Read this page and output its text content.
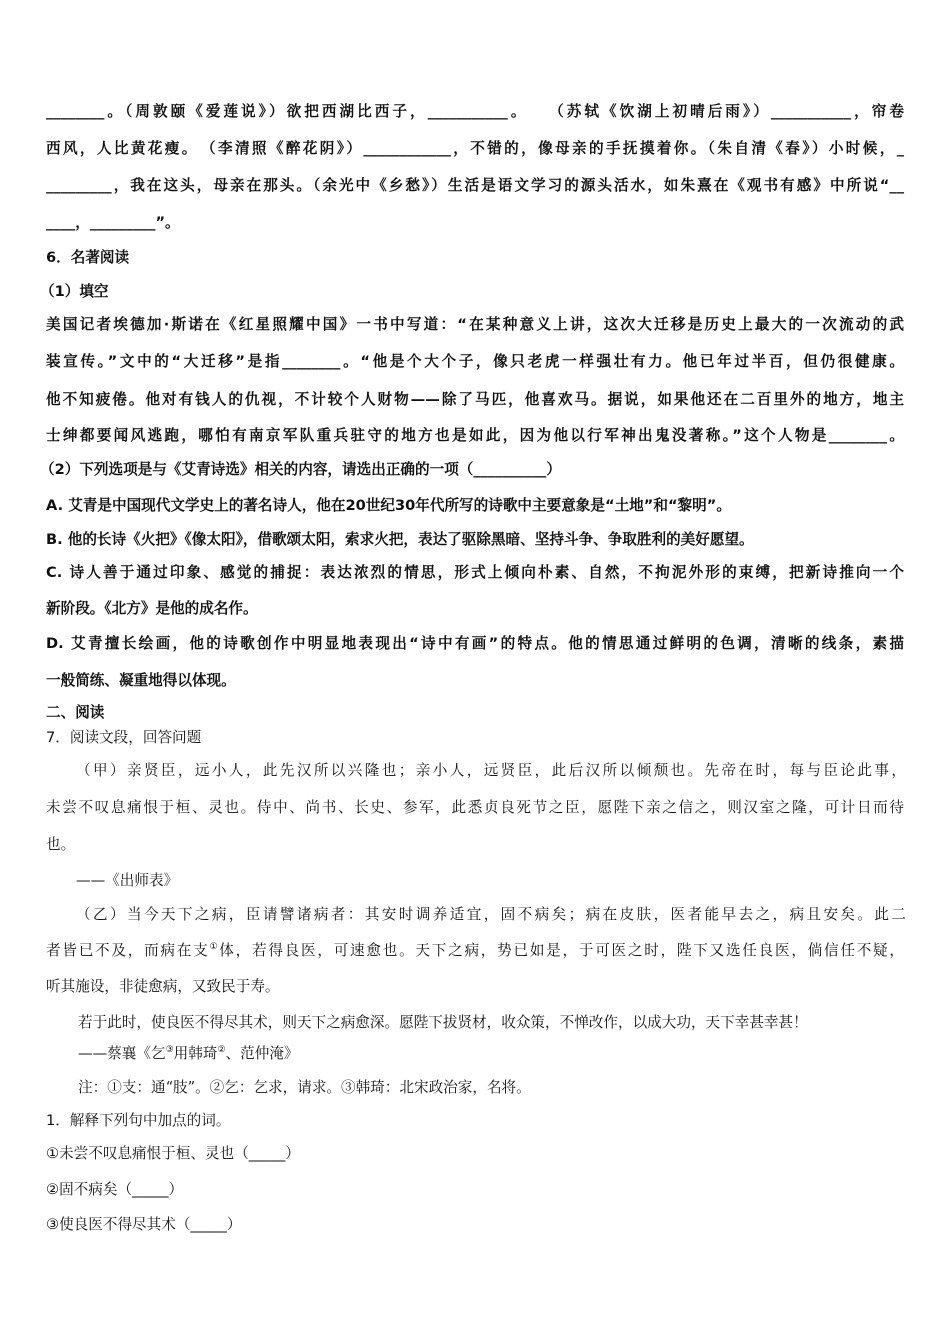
________。（周敦颐《爱莲说》）欲把西湖比西子，___________。　　（苏轼《饮湖上初晴后雨》）___________，帘卷
西风，人比黄花瘦。　（李清照《醉花阴》）____________，不错的，像母亲的手抚摸着你。（朱自清《春》）小时候，_
_________，我在这头，母亲在那头。（余光中《乡愁》）生活是语文学习的源头活水，如朱熹在《观书有感》中所说“__
____，_________”。
6．名著阅读
（1）填空
美国记者埃德加·斯诺在《红星照耀中国》一书中写道：“在某种意义上讲，这次大迁移是历史上最大的一次流动的武
装宣传。”文中的“大迁移”是指________。“他是个大个子，像只老虎一样强壮有力。他已年过半百，但仍很健康。
他不知疲倦。他对有钱人的仇视，不计较个人财物——除了马匹，他喜欢马。据说，如果他还在二百里外的地方，地主
士绅都要闻风逃跑，哪怕有南京军队重兵驻守的地方也是如此，因为他以行军神出鬼没著称。”这个人物是________。
（2）下列选项是与《艾青诗选》相关的内容，请选出正确的一项（__________）
A. 艾青是中国现代文学史上的著名诗人，他在20世纪30年代所写的诗歌中主要意象是“土地”和“黎明”。
B. 他的长诗《火把》《像太阳》，借歌颂太阳，索求火把，表达了驱除黑暗、坚持斗争、争取胜利的美好愿望。
C. 诗人善于通过印象、感觉的捕捉：表达浓烈的情思，形式上倾向朴素、自然，不拘泥外形的束缚，把新诗推向一个
新阶段。《北方》是他的成名作。
D. 艾青擅长绘画，他的诗歌创作中明显地表现出“诗中有画”的特点。他的情思通过鲜明的色调，清晰的线条，素描
一般简练、凝重地得以体现。
二、阅读
7．阅读文段，回答问题
（甲）亲贤臣，远小人，此先汉所以兴隆也；亲小人，远贤臣，此后汉所以倾颓也。先帝在时，每与臣论此事，
未尝不叹息痛恨于桓、灵也。侍中、尚书、长史、参军，此悉贞良死节之臣，愿陛下亲之信之，则汉室之隆，可计日而待
也。
——《出师表》
（乙）当今天下之病，臣请譬诸病者：其安时调养适宜，固不病矣；病在皮肤，医者能早去之，病且安矣。此二
者皆已不及，而病在支①体，若得良医，可速愈也。天下之病，势已如是，于可医之时，陛下又选任良医，倘信任不疑，
听其施设，非徒愈病，又致民于寿。
若于此时，使良医不得尽其术，则天下之病愈深。愿陛下拔贤材，收众策，不惮改作，以成大功，天下幸甚幸甚！
——蔡襄《乞③用韩琦②、范仲淹》
注：①支：通“肢”。②乞：乞求，请求。③韩琦：北宋政治家，名将。
1．解释下列句中加点的词。
①未尝不叹息痛恨于桓、灵也（_____）
②固不病矣（_____）
③使良医不得尽其术（_____）
